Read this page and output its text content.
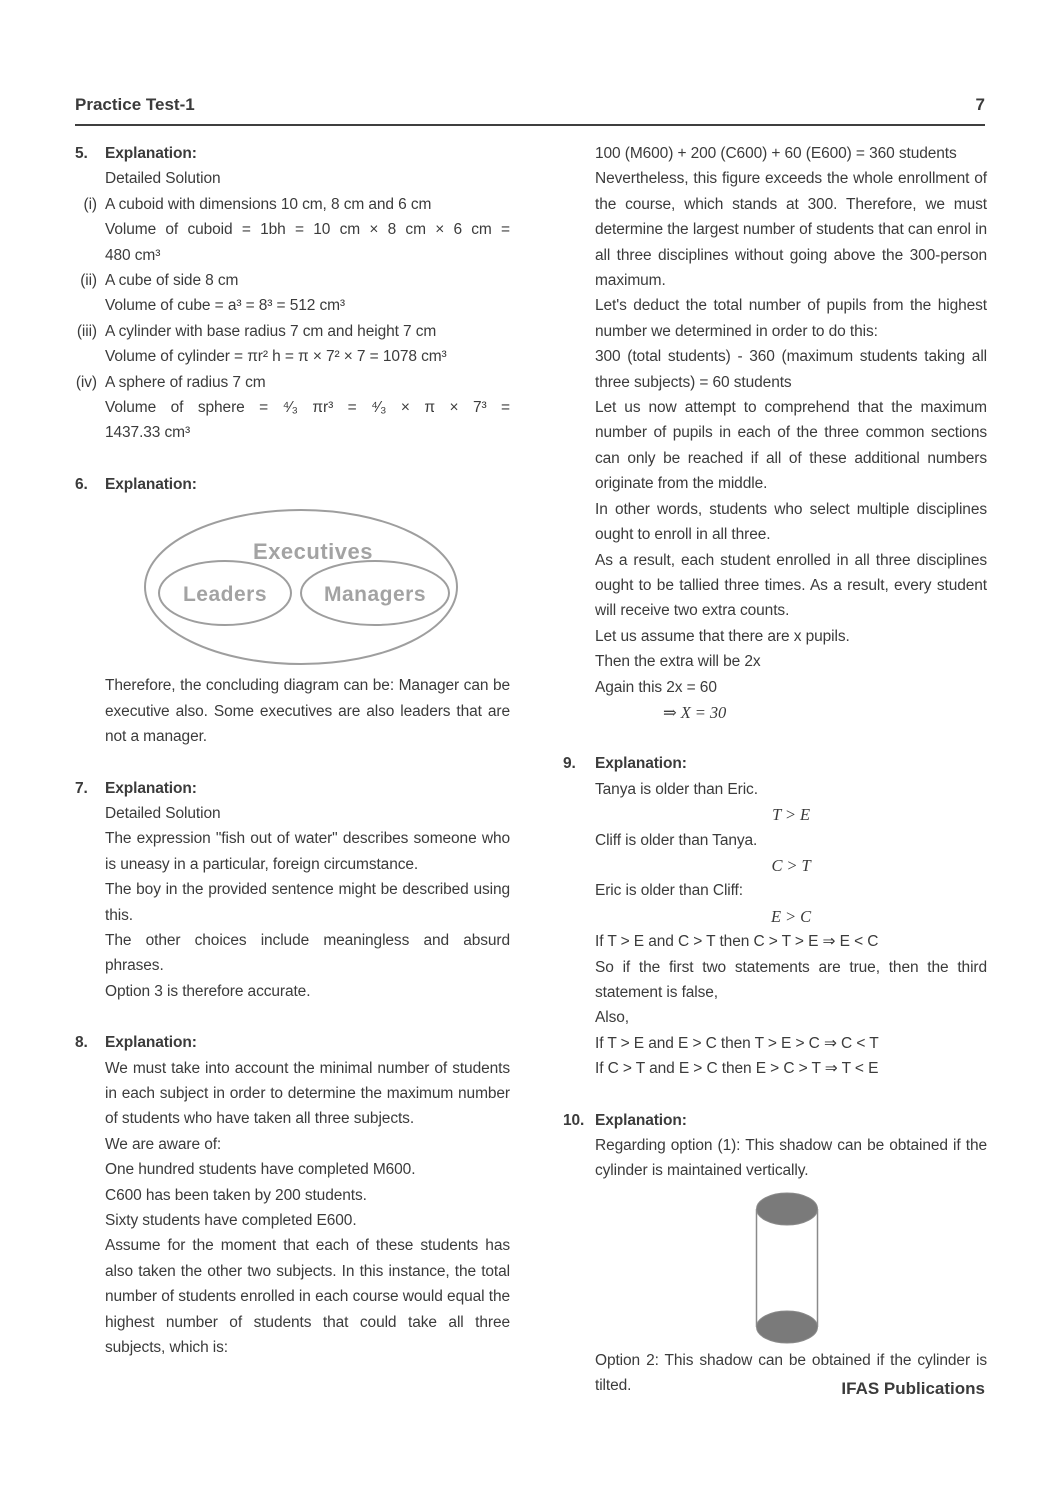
Practice Test-1	7
5.	Explanation:

Detailed Solution

(i) A cuboid with dimensions 10 cm, 8 cm and 6 cm

Volume of cuboid = 1bh = 10 cm × 8 cm × 6 cm =

480 cm³

(ii) A cube of side 8 cm

Volume of cube = a³ = 8³ = 512 cm³

(iii) A cylinder with base radius 7 cm and height 7 cm

Volume of cylinder = πr² h = π × 7² × 7 = 1078 cm³

(iv) A sphere of radius 7 cm

Volume of sphere = ⁴⁄₃ πr³ = ⁴⁄₃ × π × 7³ =

1437.33 cm³

6.	Explanation:

Executives
Leaders	Managers

Therefore, the concluding diagram can be: Manager can be executive also. Some executives are also leaders that are not a manager.

7.	Explanation:

Detailed Solution

The expression "fish out of water" describes someone who is uneasy in a particular, foreign circumstance.

The boy in the provided sentence might be described using this.

The other choices include meaningless and absurd phrases.

Option 3 is therefore accurate.

8.	Explanation:

We must take into account the minimal number of students in each subject in order to determine the maximum number of students who have taken all three subjects.

We are aware of:

One hundred students have completed M600.

C600 has been taken by 200 students.

Sixty students have completed E600.

Assume for the moment that each of these students has also taken the other two subjects. In this instance, the total number of students enrolled in each course would equal the highest number of students that could take all three subjects, which is:

100 (M600) + 200 (C600) + 60 (E600) = 360 students

Nevertheless, this figure exceeds the whole enrollment of the course, which stands at 300. Therefore, we must determine the largest number of students that can enrol in all three disciplines without going above the 300-person maximum.

Let's deduct the total number of pupils from the highest number we determined in order to do this:

300 (total students) - 360 (maximum students taking all three subjects) = 60 students

Let us now attempt to comprehend that the maximum number of pupils in each of the three common sections can only be reached if all of these additional numbers originate from the middle.

In other words, students who select multiple disciplines ought to enroll in all three.

As a result, each student enrolled in all three disciplines ought to be tallied three times. As a result, every student will receive two extra counts.

Let us assume that there are x pupils.

Then the extra will be 2x

Again this 2x = 60

⇒ X = 30

9.	Explanation:

Tanya is older than Eric.

T > E

Cliff is older than Tanya.

C > T

Eric is older than Cliff:

E > C

If T > E and C > T then C > T > E ⇒ E < C

So if the first two statements are true, then the third statement is false,

Also,

If T > E and E > C then T > E > C ⇒ C < T

If C > T and E > C then E > C > T ⇒ T < E

10. Explanation:

Regarding option (1): This shadow can be obtained if the cylinder is maintained vertically.

Option 2: This shadow can be obtained if the cylinder is tilted.	IFAS Publications
